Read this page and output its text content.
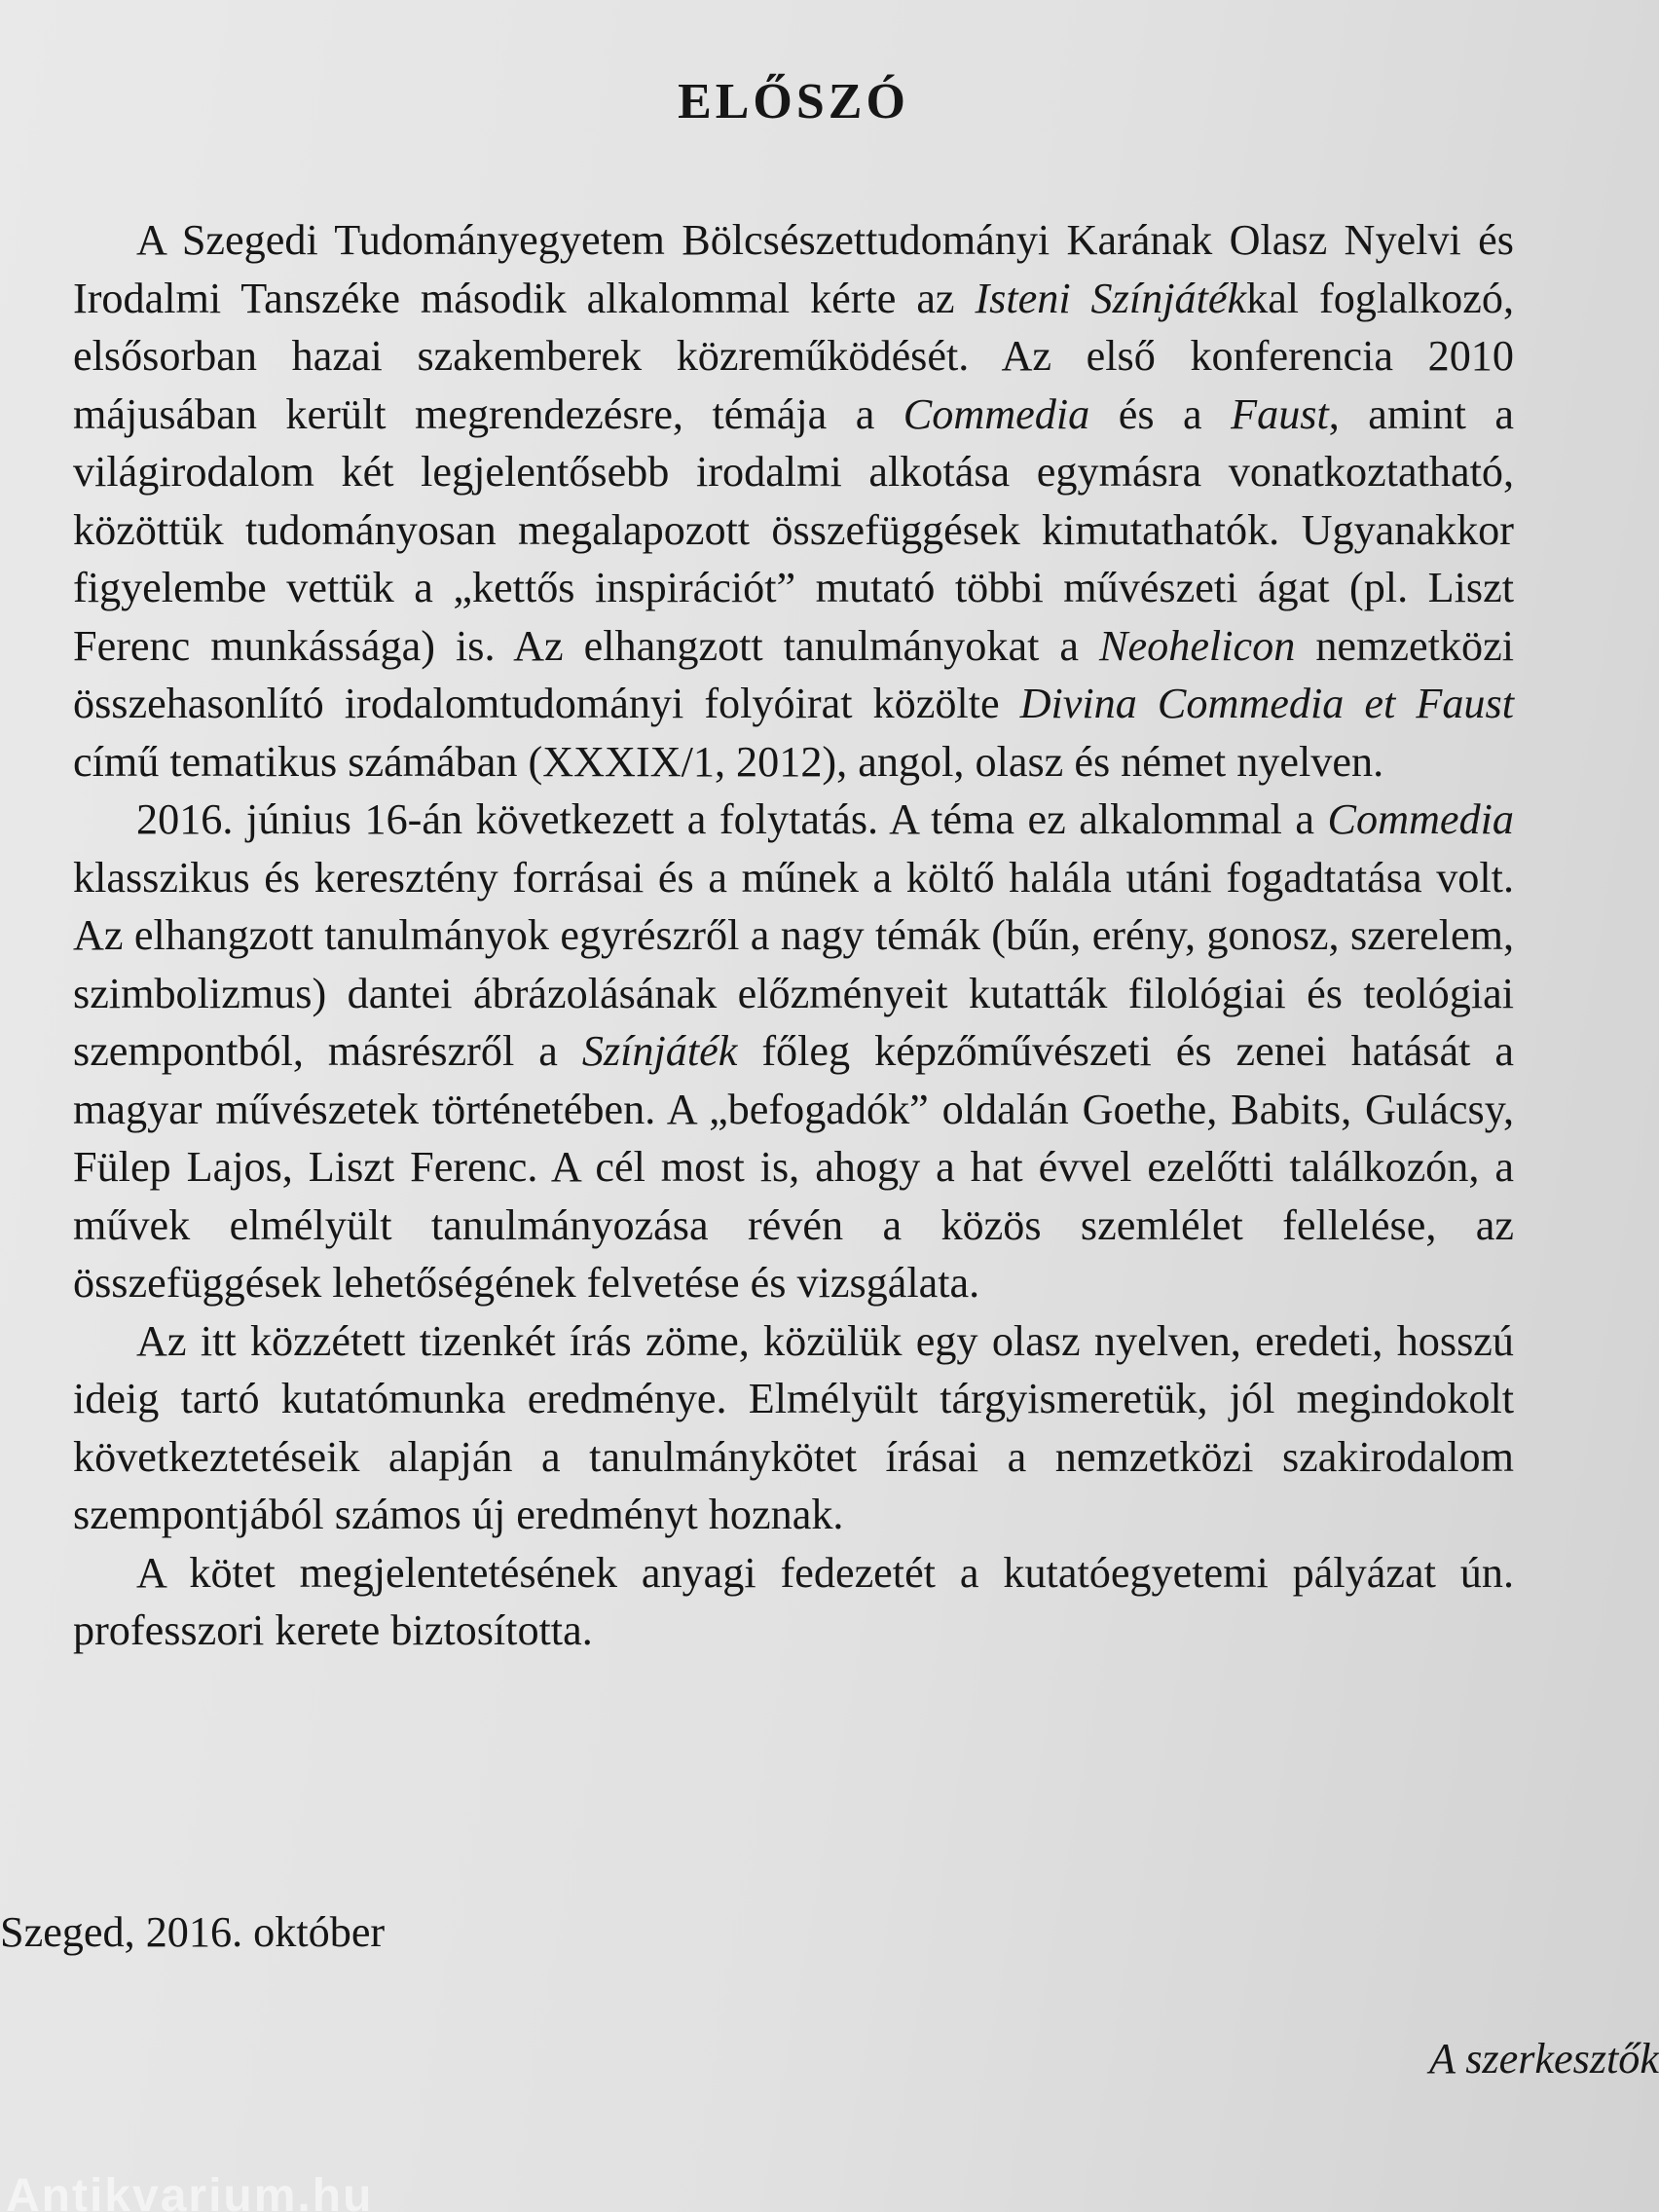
ELŐSZÓ

A Szegedi Tudományegyetem Bölcsészettudományi Karának Olasz Nyelvi és Irodalmi Tanszéke második alkalommal kérte az Isteni Színjátékkal foglalkozó, elsősorban hazai szakemberek közreműködését. Az első konferencia 2010 májusában került megrendezésre, témája a Commedia és a Faust, amint a világirodalom két legjelentősebb irodalmi alkotása egymásra vonatkoztatható, közöttük tudományosan megalapozott összefüggések kimutathatók. Ugyanakkor figyelembe vettük a „kettős inspirációt” mutató többi művészeti ágat (pl. Liszt Ferenc munkássága) is. Az elhangzott tanulmányokat a Neohelicon nemzetközi összehasonlító irodalomtudományi folyóirat közölte Divina Commedia et Faust című tematikus számában (XXXIX/1, 2012), angol, olasz és német nyelven.

2016. június 16-án következett a folytatás. A téma ez alkalommal a Commedia klasszikus és keresztény forrásai és a műnek a költő halála utáni fogadtatása volt. Az elhangzott tanulmányok egyrészről a nagy témák (bűn, erény, gonosz, szerelem, szimbolizmus) dantei ábrázolásának előzményeit kutatták filológiai és teológiai szempontból, másrészről a Színjáték főleg képzőművészeti és zenei hatását a magyar művészetek történetében. A „befogadók” oldalán Goethe, Babits, Gulácsy, Fülep Lajos, Liszt Ferenc. A cél most is, ahogy a hat évvel ezelőtti találkozón, a művek elmélyült tanulmányozása révén a közös szemlélet fellelése, az összefüggések lehetőségének felvetése és vizsgálata.

Az itt közzétett tizenkét írás zöme, közülük egy olasz nyelven, eredeti, hosszú ideig tartó kutatómunka eredménye. Elmélyült tárgyismeretük, jól megindokolt következtetéseik alapján a tanulmánykötet írásai a nemzetközi szakirodalom szempontjából számos új eredményt hoznak.

A kötet megjelentetésének anyagi fedezetét a kutatóegyetemi pályázat ún. professzori kerete biztosította.

Szeged, 2016. október
A szerkesztők
Antikvarium.hu
